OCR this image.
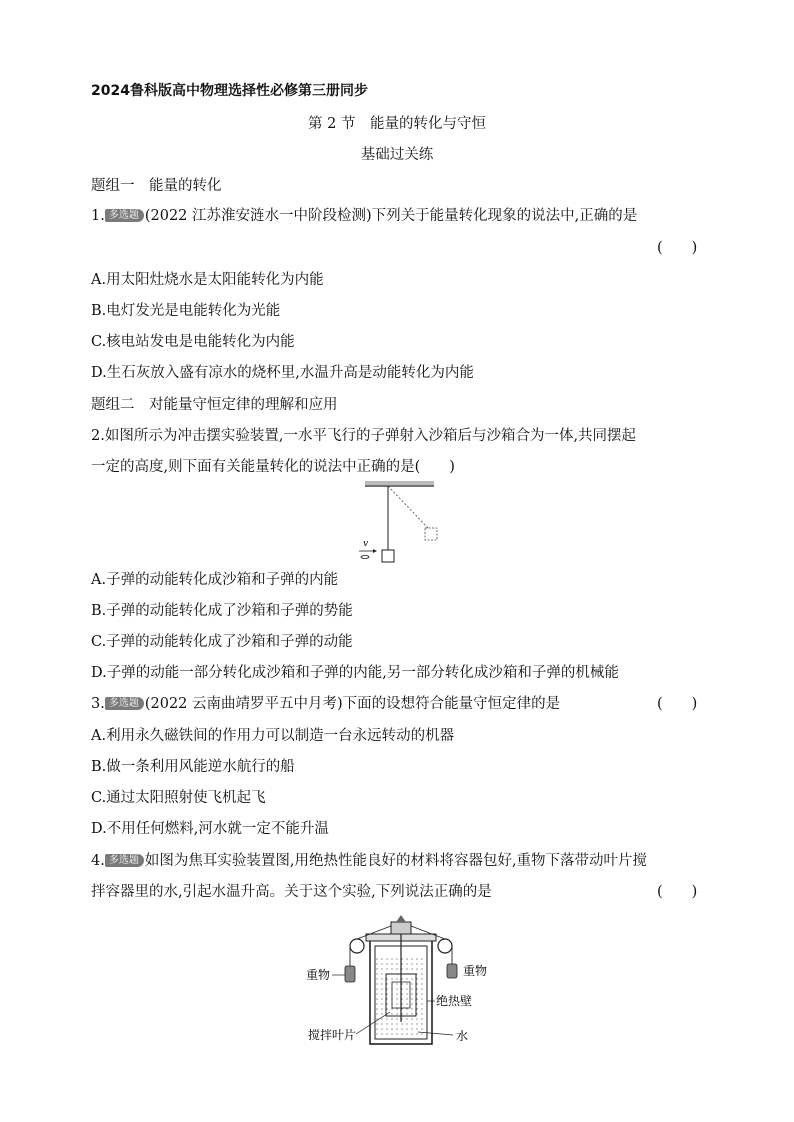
2024鲁科版高中物理选择性必修第三册同步
第 2 节　能量的转化与守恒
基础过关练
题组一　能量的转化
1. 多选题 (2022 江苏淮安涟水一中阶段检测)下列关于能量转化现象的说法中,正确的是
(　　)
A.用太阳灶烧水是太阳能转化为内能
B.电灯发光是电能转化为光能
C.核电站发电是电能转化为内能
D.生石灰放入盛有凉水的烧杯里,水温升高是动能转化为内能
题组二　对能量守恒定律的理解和应用
2.如图所示为冲击摆实验装置,一水平飞行的子弹射入沙箱后与沙箱合为一体,共同摆起
一定的高度,则下面有关能量转化的说法中正确的是(　　)
v
A.子弹的动能转化成沙箱和子弹的内能
B.子弹的动能转化成了沙箱和子弹的势能
C.子弹的动能转化成了沙箱和子弹的动能
D.子弹的动能一部分转化成沙箱和子弹的内能,另一部分转化成沙箱和子弹的机械能
3. 多选题 (2022 云南曲靖罗平五中月考)下面的设想符合能量守恒定律的是	(　　)
A.利用永久磁铁间的作用力可以制造一台永远转动的机器
B.做一条利用风能逆水航行的船
C.通过太阳照射使飞机起飞
D.不用任何燃料,河水就一定不能升温
4. 多选题 如图为焦耳实验装置图,用绝热性能良好的材料将容器包好,重物下落带动叶片搅
拌容器里的水,引起水温升高。关于这个实验,下列说法正确的是	(　　)
重物	重物
绝热壁
搅拌叶片	水
